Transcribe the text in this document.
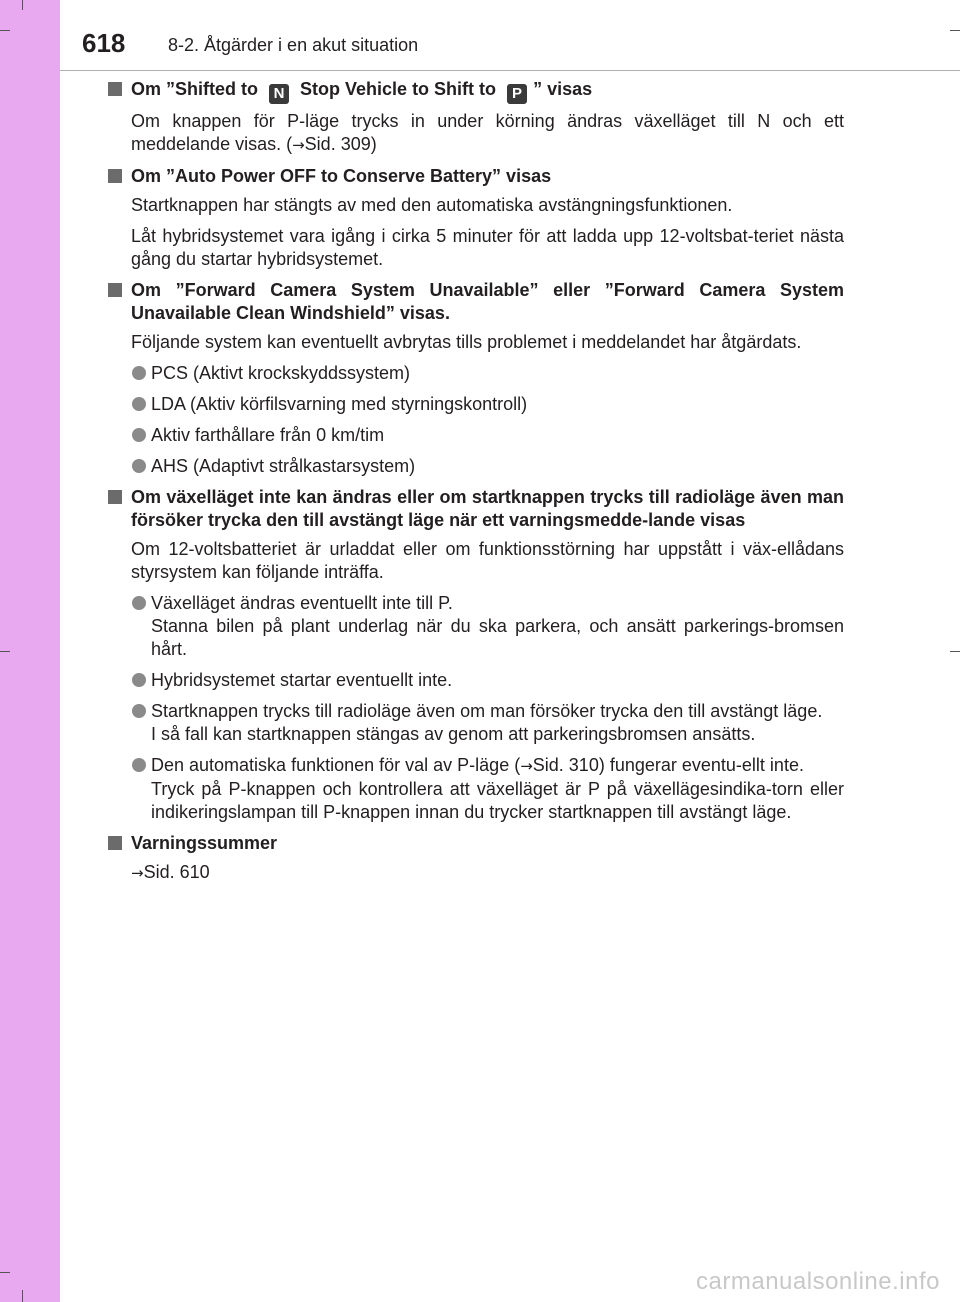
618 8-2. Åtgärder i en akut situation
Om ”Shifted to N Stop Vehicle to Shift to P ” visas
Om knappen för P-läge trycks in under körning ändras växelläget till N och ett meddelande visas. (→Sid. 309)
Om ”Auto Power OFF to Conserve Battery” visas
Startknappen har stängts av med den automatiska avstängningsfunktionen.
Låt hybridsystemet vara igång i cirka 5 minuter för att ladda upp 12-voltsbat-teriet nästa gång du startar hybridsystemet.
Om ”Forward Camera System Unavailable” eller ”Forward Camera System Unavailable Clean Windshield” visas.
Följande system kan eventuellt avbrytas tills problemet i meddelandet har åtgärdats.
PCS (Aktivt krockskyddssystem)
LDA (Aktiv körfilsvarning med styrningskontroll)
Aktiv farthållare från 0 km/tim
AHS (Adaptivt strålkastarsystem)
Om växelläget inte kan ändras eller om startknappen trycks till radioläge även man försöker trycka den till avstängt läge när ett varningsmedde-lande visas
Om 12-voltsbatteriet är urladdat eller om funktionsstörning har uppstått i väx-ellådans styrsystem kan följande inträffa.
Växelläget ändras eventuellt inte till P.
Stanna bilen på plant underlag när du ska parkera, och ansätt parkerings-bromsen hårt.
Hybridsystemet startar eventuellt inte.
Startknappen trycks till radioläge även om man försöker trycka den till avstängt läge.
I så fall kan startknappen stängas av genom att parkeringsbromsen ansätts.
Den automatiska funktionen för val av P-läge (→Sid. 310) fungerar eventu-ellt inte.
Tryck på P-knappen och kontrollera att växelläget är P på växellägesindika-torn eller indikeringslampan till P-knappen innan du trycker startknappen till avstängt läge.
Varningssummer
→Sid. 610
carmanualsonline.info
